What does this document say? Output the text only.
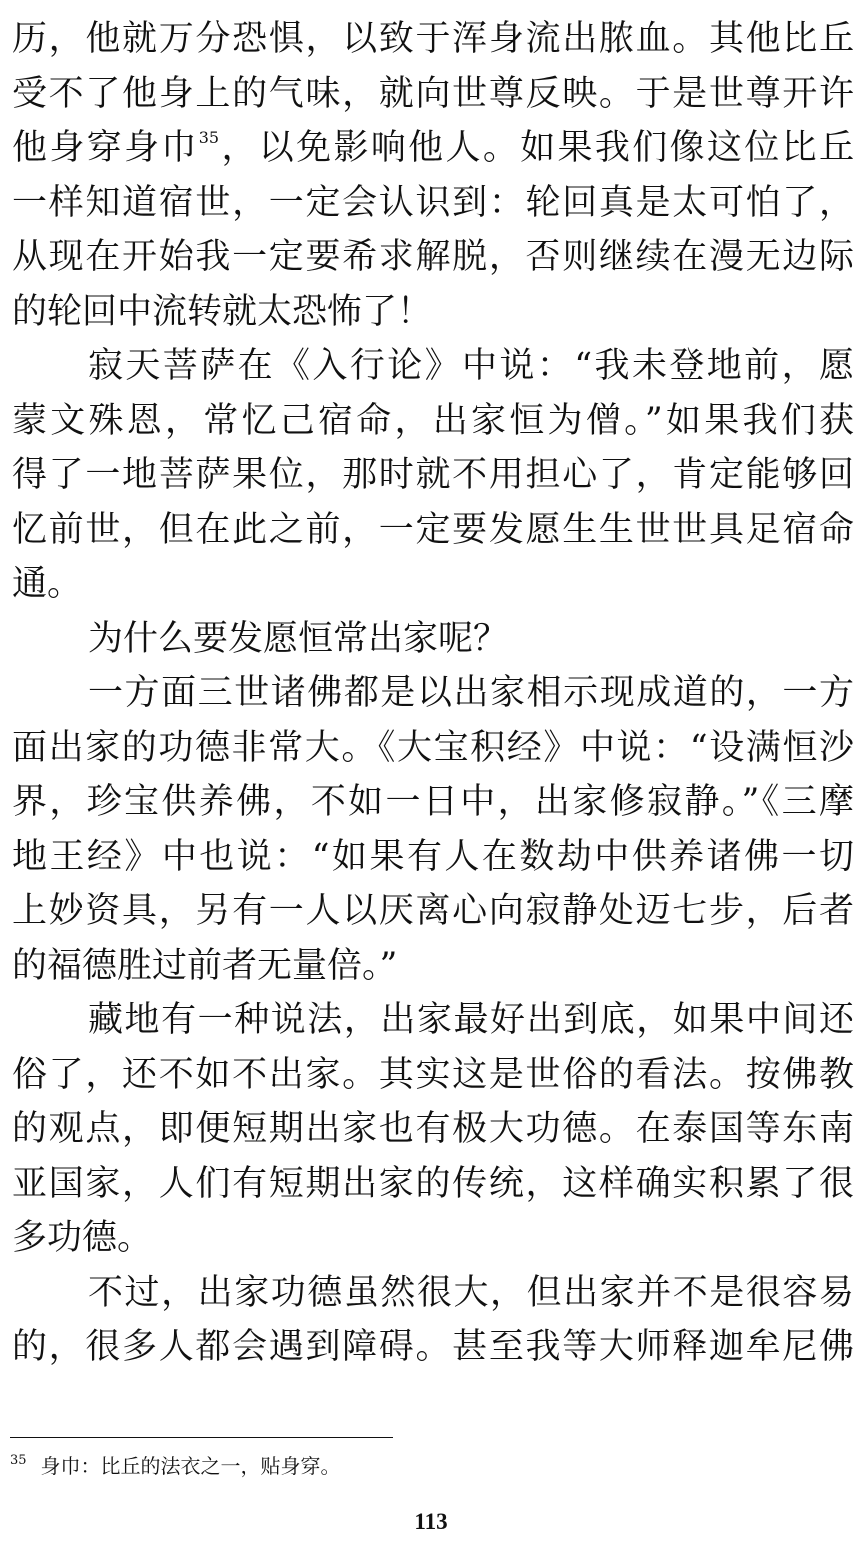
历，他就万分恐惧，以致于浑身流出脓血。其他比丘
受不了他身上的气味，就向世尊反映。于是世尊开许
他身穿身巾$^{35}$，以免影响他人。如果我们像这位比丘
一样知道宿世，一定会认识到：轮回真是太可怕了，
从现在开始我一定要希求解脱，否则继续在漫无边际
的轮回中流转就太恐怖了！
寂天菩萨在《入行论》中说：“我未登地前，愿
蒙文殊恩，常忆己宿命，出家恒为僧。”如果我们获
得了一地菩萨果位，那时就不用担心了，肯定能够回
忆前世，但在此之前，一定要发愿生生世世具足宿命
通。
为什么要发愿恒常出家呢？
一方面三世诸佛都是以出家相示现成道的，一方
面出家的功德非常大。《大宝积经》中说：“设满恒沙
界，珍宝供养佛，不如一日中，出家修寂静。”《三摩
地王经》中也说：“如果有人在数劫中供养诸佛一切
上妙资具，另有一人以厌离心向寂静处迈七步，后者
的福德胜过前者无量倍。”
藏地有一种说法，出家最好出到底，如果中间还
俗了，还不如不出家。其实这是世俗的看法。按佛教
的观点，即便短期出家也有极大功德。在泰国等东南
亚国家，人们有短期出家的传统，这样确实积累了很
多功德。
不过，出家功德虽然很大，但出家并不是很容易
的，很多人都会遇到障碍。甚至我等大师释迦牟尼佛
$^{35}$ 身巾：比丘的法衣之一，贴身穿。
113
